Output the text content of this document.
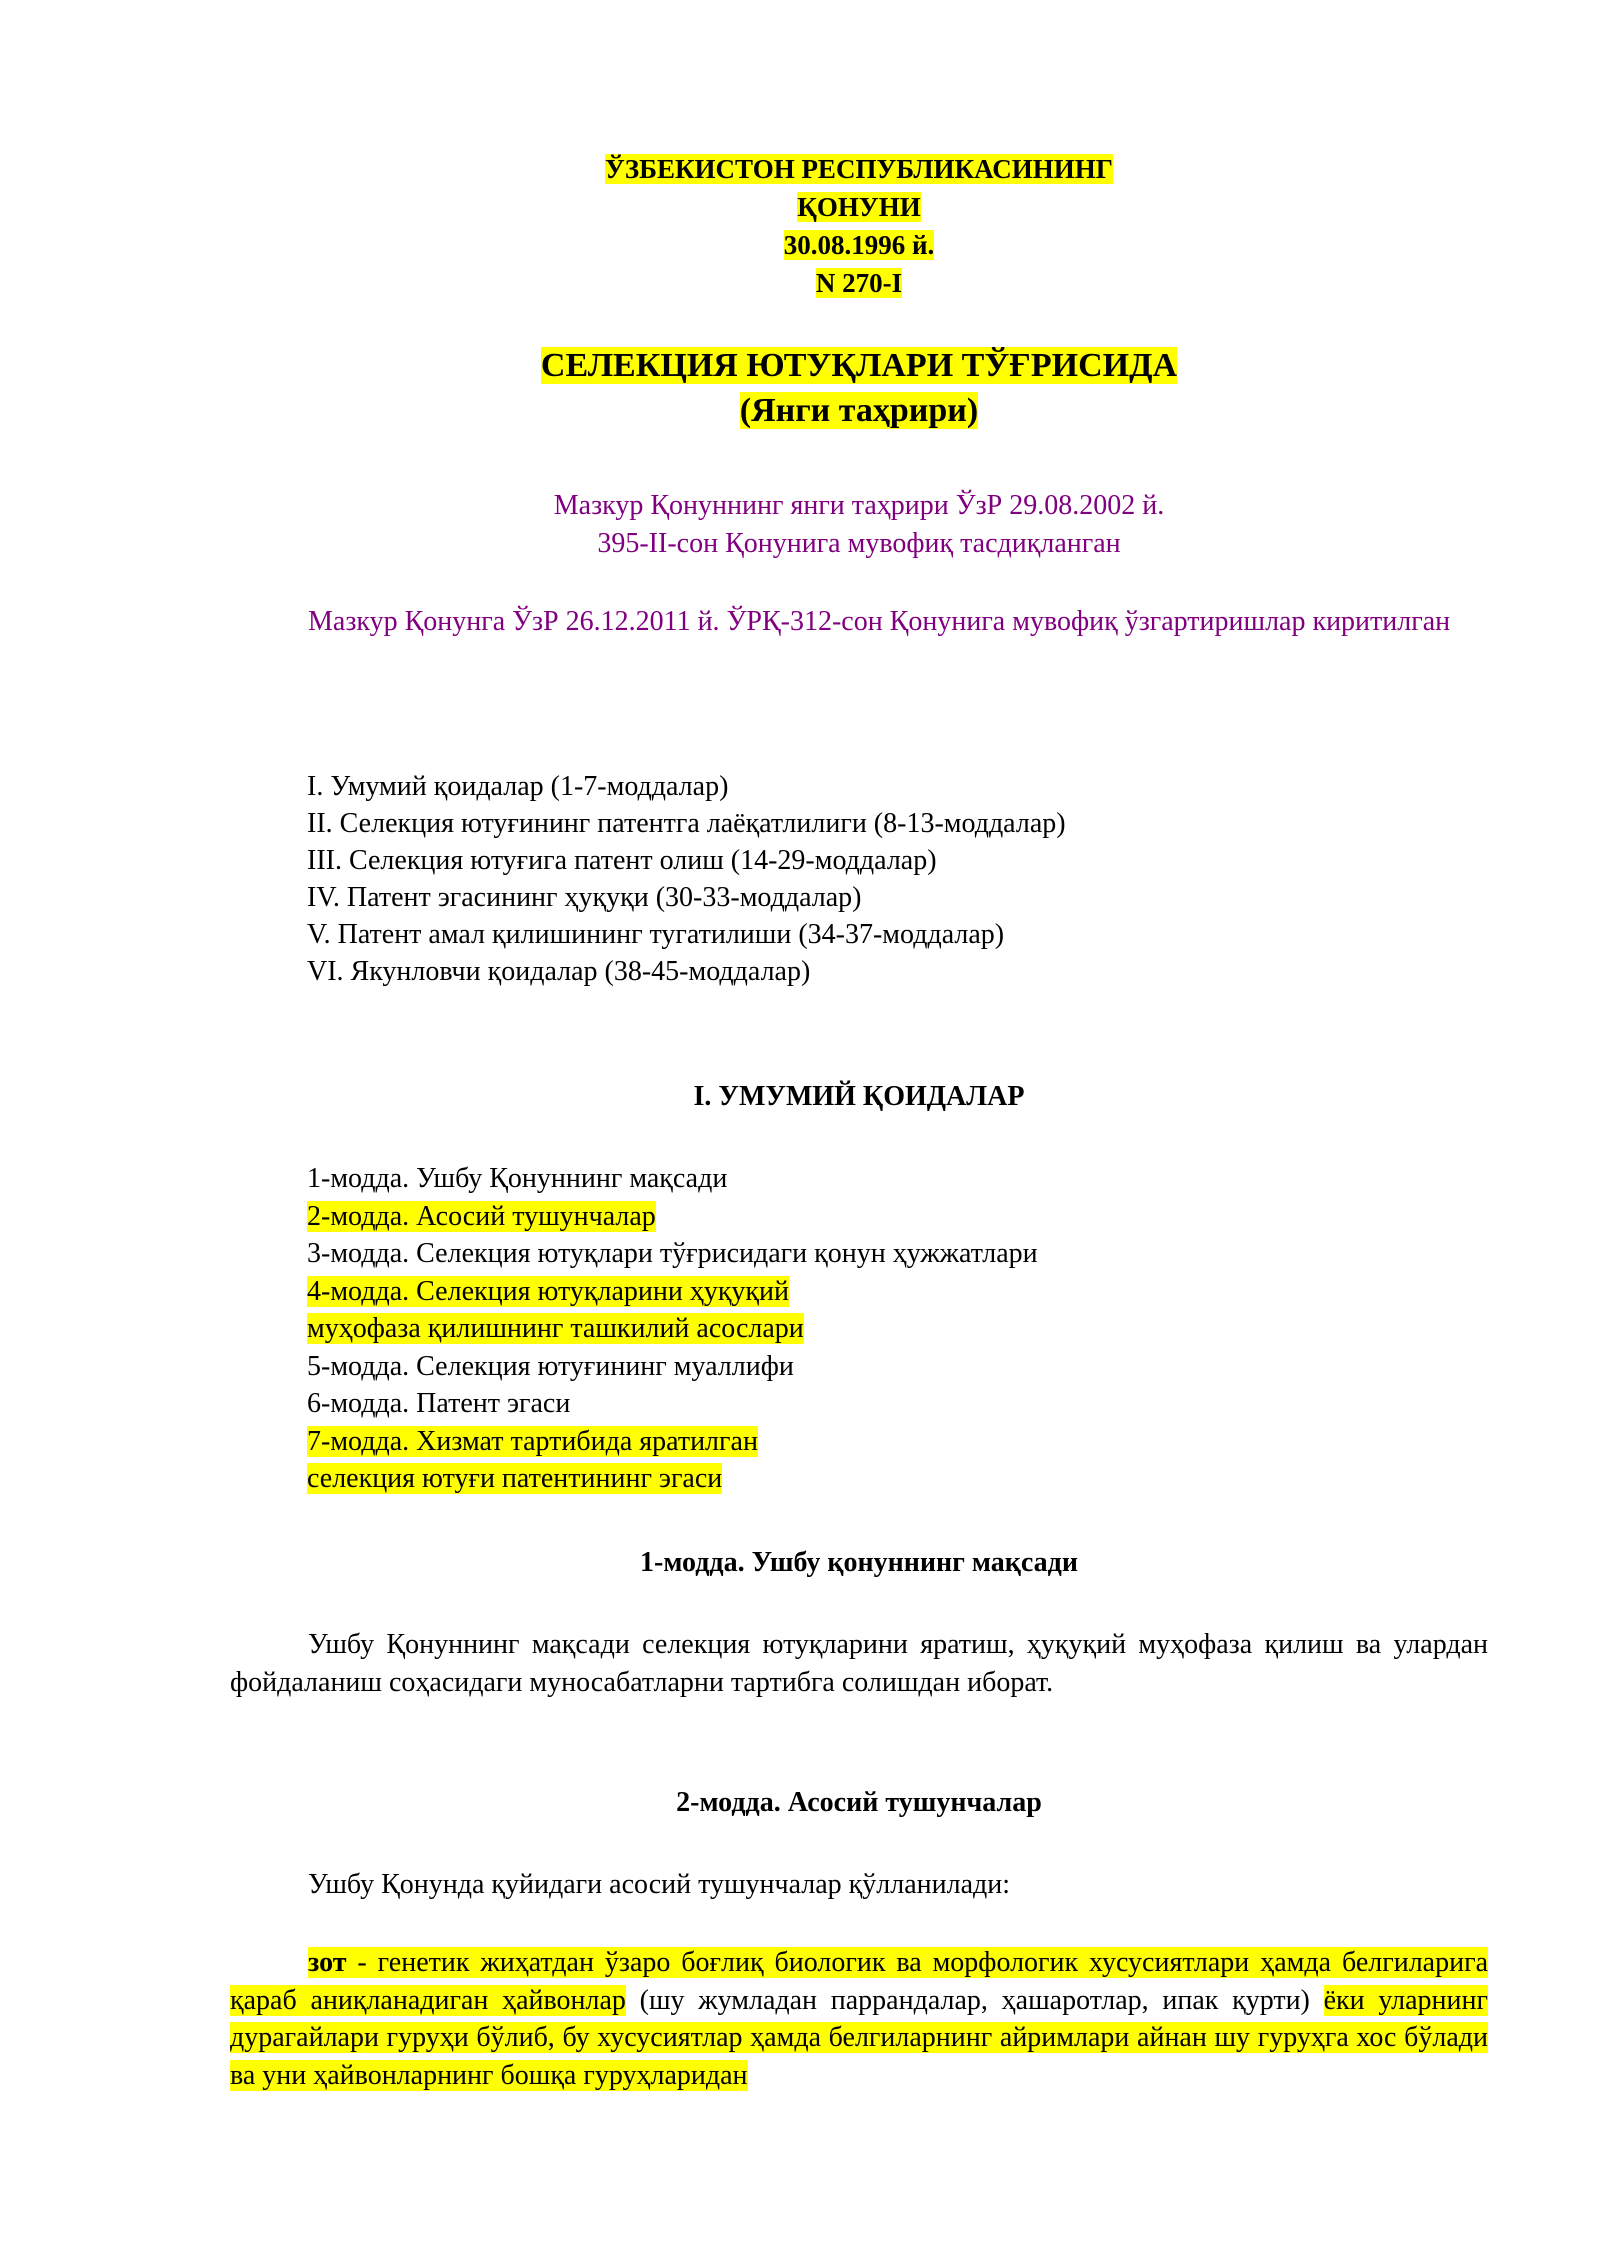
ЎЗБЕКИСТОН РЕСПУБЛИКАСИНИНГ
ҚОНУНИ
30.08.1996 й.
N 270-I
СЕЛЕКЦИЯ ЮТУҚЛАРИ ТЎҒРИСИДА
(Янги таҳрири)
Мазкур Қонуннинг янги таҳрири ЎзР 29.08.2002 й.
395-II-сон Қонунига мувофиқ тасдиқланган
Мазкур Қонунга ЎзР 26.12.2011 й. ЎРҚ-312-сон Қонунига мувофиқ ўзгартиришлар киритилган
I. Умумий қоидалар (1-7-моддалар)
II. Селекция ютуғининг патентга лаёқатлилиги (8-13-моддалар)
III. Селекция ютуғига патент олиш (14-29-моддалар)
IV. Патент эгасининг ҳуқуқи (30-33-моддалар)
V. Патент амал қилишининг тугатилиши (34-37-моддалар)
VI. Якунловчи қоидалар (38-45-моддалар)
I. УМУМИЙ ҚОИДАЛАР
1-модда. Ушбу Қонуннинг мақсади
2-модда. Асосий тушунчалар
3-модда. Селекция ютуқлари тўғрисидаги қонун ҳужжатлари
4-модда. Селекция ютуқларини ҳуқуқий
муҳофаза қилишнинг ташкилий асослари
5-модда. Селекция ютуғининг муаллифи
6-модда. Патент эгаси
7-модда. Хизмат тартибида яратилган
селекция ютуғи патентининг эгаси
1-модда. Ушбу қонуннинг мақсади
Ушбу Қонуннинг мақсади селекция ютуқларини яратиш, ҳуқуқий муҳофаза қилиш ва улардан фойдаланиш соҳасидаги муносабатларни тартибга солишдан иборат.
2-модда. Асосий тушунчалар
Ушбу Қонунда қуйидаги асосий тушунчалар қўлланилади:
зот - генетик жиҳатдан ўзаро боғлиқ биологик ва морфологик хусусиятлари ҳамда белгиларига қараб аниқланадиган ҳайвонлар (шу жумладан паррандалар, ҳашаротлар, ипак қурти) ёки уларнинг дурагайлари гуруҳи бўлиб, бу хусусиятлар ҳамда белгиларнинг айримлари айнан шу гуруҳга хос бўлади ва уни ҳайвонларнинг бошқа гуруҳларидан
